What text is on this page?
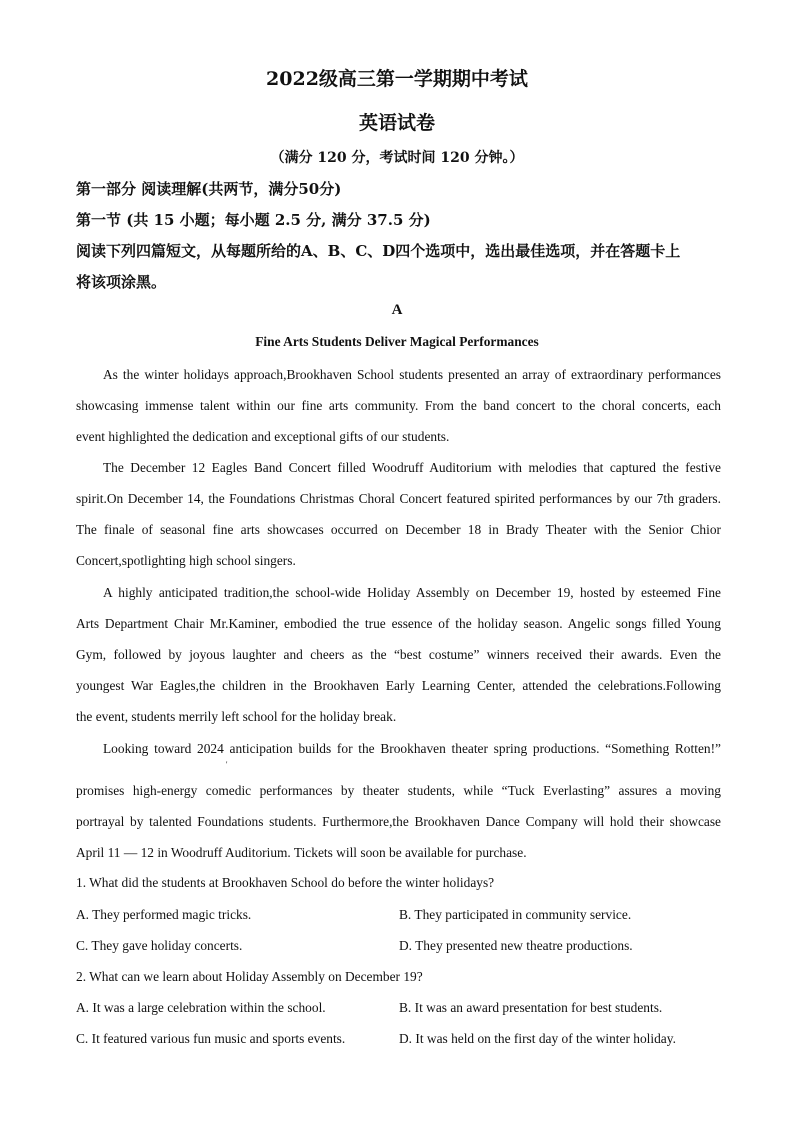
2022级高三第一学期期中考试
英语试卷
（满分 120 分，考试时间 120 分钟。）
第一部分 阅读理解(共两节，满分50分)
第一节 (共 15 小题；每小题 2.5 分, 满分 37.5 分)
阅读下列四篇短文，从每题所给的A、B、C、D四个选项中，选出最佳选项，并在答题卡上
将该项涂黑。
A
Fine Arts Students Deliver Magical Performances
As the winter holidays approach,Brookhaven School students presented an array of extraordinary performances
showcasing immense talent within our fine arts community. From the band concert to the choral concerts, each
event highlighted the dedication and exceptional gifts of our students.
The December 12 Eagles Band Concert filled Woodruff Auditorium with melodies that captured the festive
spirit.On December 14, the Foundations Christmas Choral Concert featured spirited performances by our 7th graders.
The finale of seasonal fine arts showcases occurred on December 18 in Brady Theater with the Senior Chior
Concert,spotlighting high school singers.
A highly anticipated tradition,the school-wide Holiday Assembly on December 19, hosted by esteemed Fine
Arts Department Chair Mr.Kaminer, embodied the true essence of the holiday season. Angelic songs filled Young
Gym, followed by joyous laughter and cheers as the “best costume” winners received their awards. Even the
youngest War Eagles,the children in the Brookhaven Early Learning Center, attended the celebrations.Following
the event, students merrily left school for the holiday break.
Looking toward 2024 anticipation builds for the Brookhaven theater spring productions. “Something Rotten!”
'
promises high-energy comedic performances by theater students, while “Tuck Everlasting” assures a moving
portrayal by talented Foundations students. Furthermore,the Brookhaven Dance Company will hold their showcase
April 11 — 12 in Woodruff Auditorium. Tickets will soon be available for purchase.
1. What did the students at Brookhaven School do before the winter holidays?
A. They performed magic tricks.	B. They participated in community service.
C. They gave holiday concerts.	D. They presented new theatre productions.
2. What can we learn about Holiday Assembly on December 19?
A. It was a large celebration within the school.	B. It was an award presentation for best students.
C. It featured various fun music and sports events.	D. It was held on the first day of the winter holiday.
